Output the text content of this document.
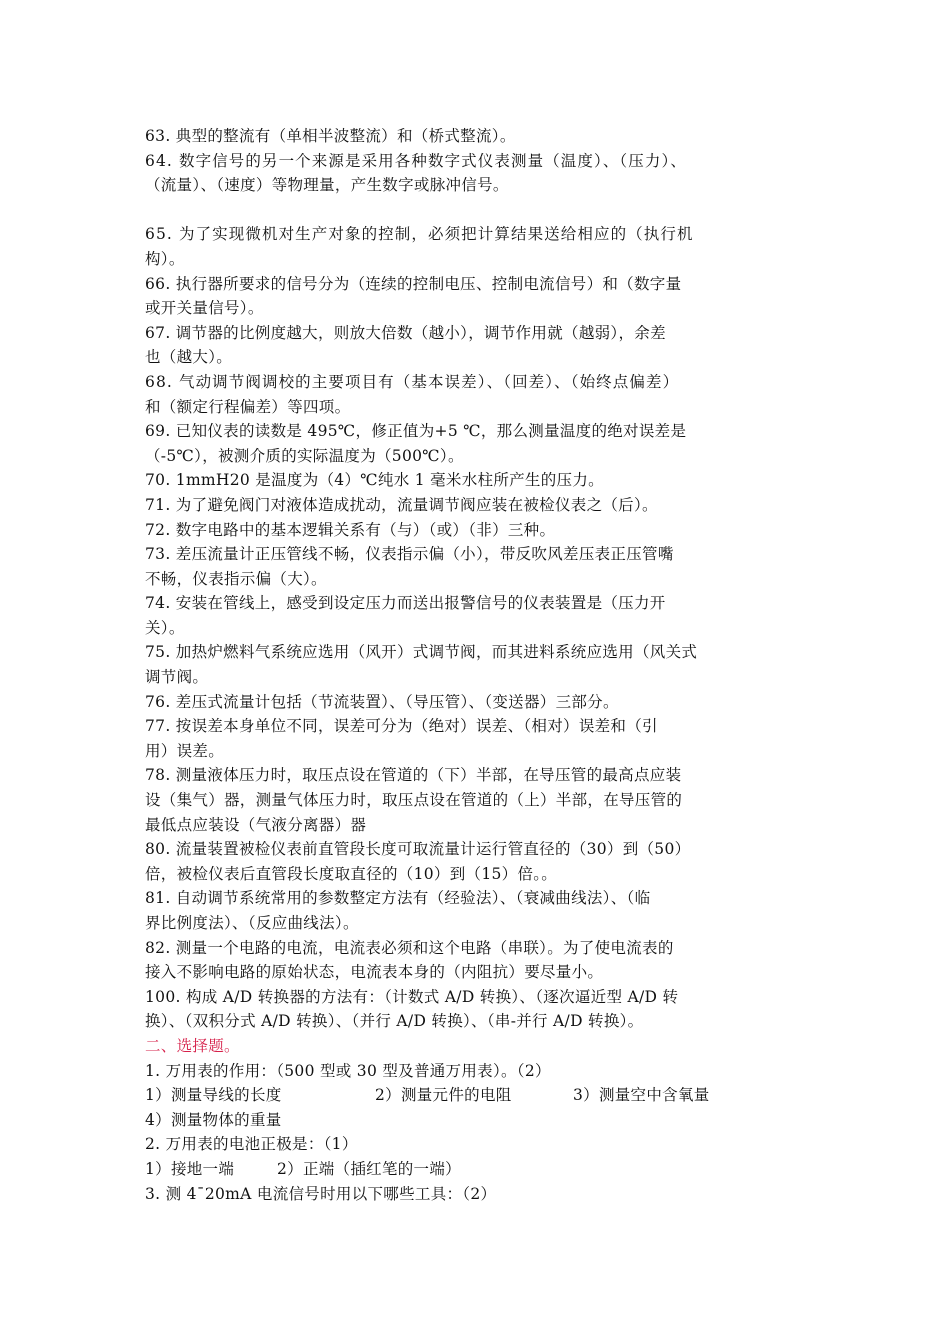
63. 典型的整流有（单相半波整流）和（桥式整流）。
64. 数字信号的另一个来源是采用各种数字式仪表测量（温度）、（压力）、
（流量）、（速度）等物理量，产生数字或脉冲信号。
65. 为了实现微机对生产对象的控制，必须把计算结果送给相应的（执行机
构）。
66. 执行器所要求的信号分为（连续的控制电压、控制电流信号）和（数字量
或开关量信号）。
67. 调节器的比例度越大，则放大倍数（越小），调节作用就（越弱），余差
也（越大）。
68. 气动调节阀调校的主要项目有（基本误差）、（回差）、（始终点偏差）
和（额定行程偏差）等四项。
69. 已知仪表的读数是 495℃，修正值为+5 ℃，那么测量温度的绝对误差是
（-5℃），被测介质的实际温度为（500℃）。
70. 1mmH20 是温度为（4）℃纯水 1 毫米水柱所产生的压力。
71. 为了避免阀门对液体造成扰动，流量调节阀应装在被检仪表之（后）。
72. 数字电路中的基本逻辑关系有（与）（或）（非）三种。
73. 差压流量计正压管线不畅，仪表指示偏（小），带反吹风差压表正压管嘴
不畅，仪表指示偏（大）。
74. 安装在管线上，感受到设定压力而送出报警信号的仪表装置是（压力开
关）。
75. 加热炉燃料气系统应选用（风开）式调节阀，而其进料系统应选用（风关式
调节阀。
76. 差压式流量计包括（节流装置）、（导压管）、（变送器）三部分。
77. 按误差本身单位不同，误差可分为（绝对）误差、（相对）误差和（引
用）误差。
78. 测量液体压力时，取压点设在管道的（下）半部，在导压管的最高点应装
设（集气）器，测量气体压力时，取压点设在管道的（上）半部，在导压管的
最低点应装设（气液分离器）器
80. 流量装置被检仪表前直管段长度可取流量计运行管直径的（30）到（50）
倍，被检仪表后直管段长度取直径的（10）到（15）倍。。
81. 自动调节系统常用的参数整定方法有（经验法）、（衰减曲线法）、（临
界比例度法）、（反应曲线法）。
82. 测量一个电路的电流，电流表必须和这个电路（串联）。为了使电流表的
接入不影响电路的原始状态，电流表本身的（内阻抗）要尽量小。
100. 构成 A/D 转换器的方法有：（计数式 A/D 转换）、（逐次逼近型 A/D 转
换）、（双积分式 A/D 转换）、（并行 A/D 转换）、（串-并行 A/D 转换）。
二、选择题。
1. 万用表的作用：（500 型或 30 型及普通万用表）。（2）
1）测量导线的长度	2）测量元件的电阻	3）测量空中含氧量
4）测量物体的重量
2. 万用表的电池正极是：（1）
1）接地一端	2）正端（插红笔的一端）
3. 测 4¯20mA 电流信号时用以下哪些工具：（2）
